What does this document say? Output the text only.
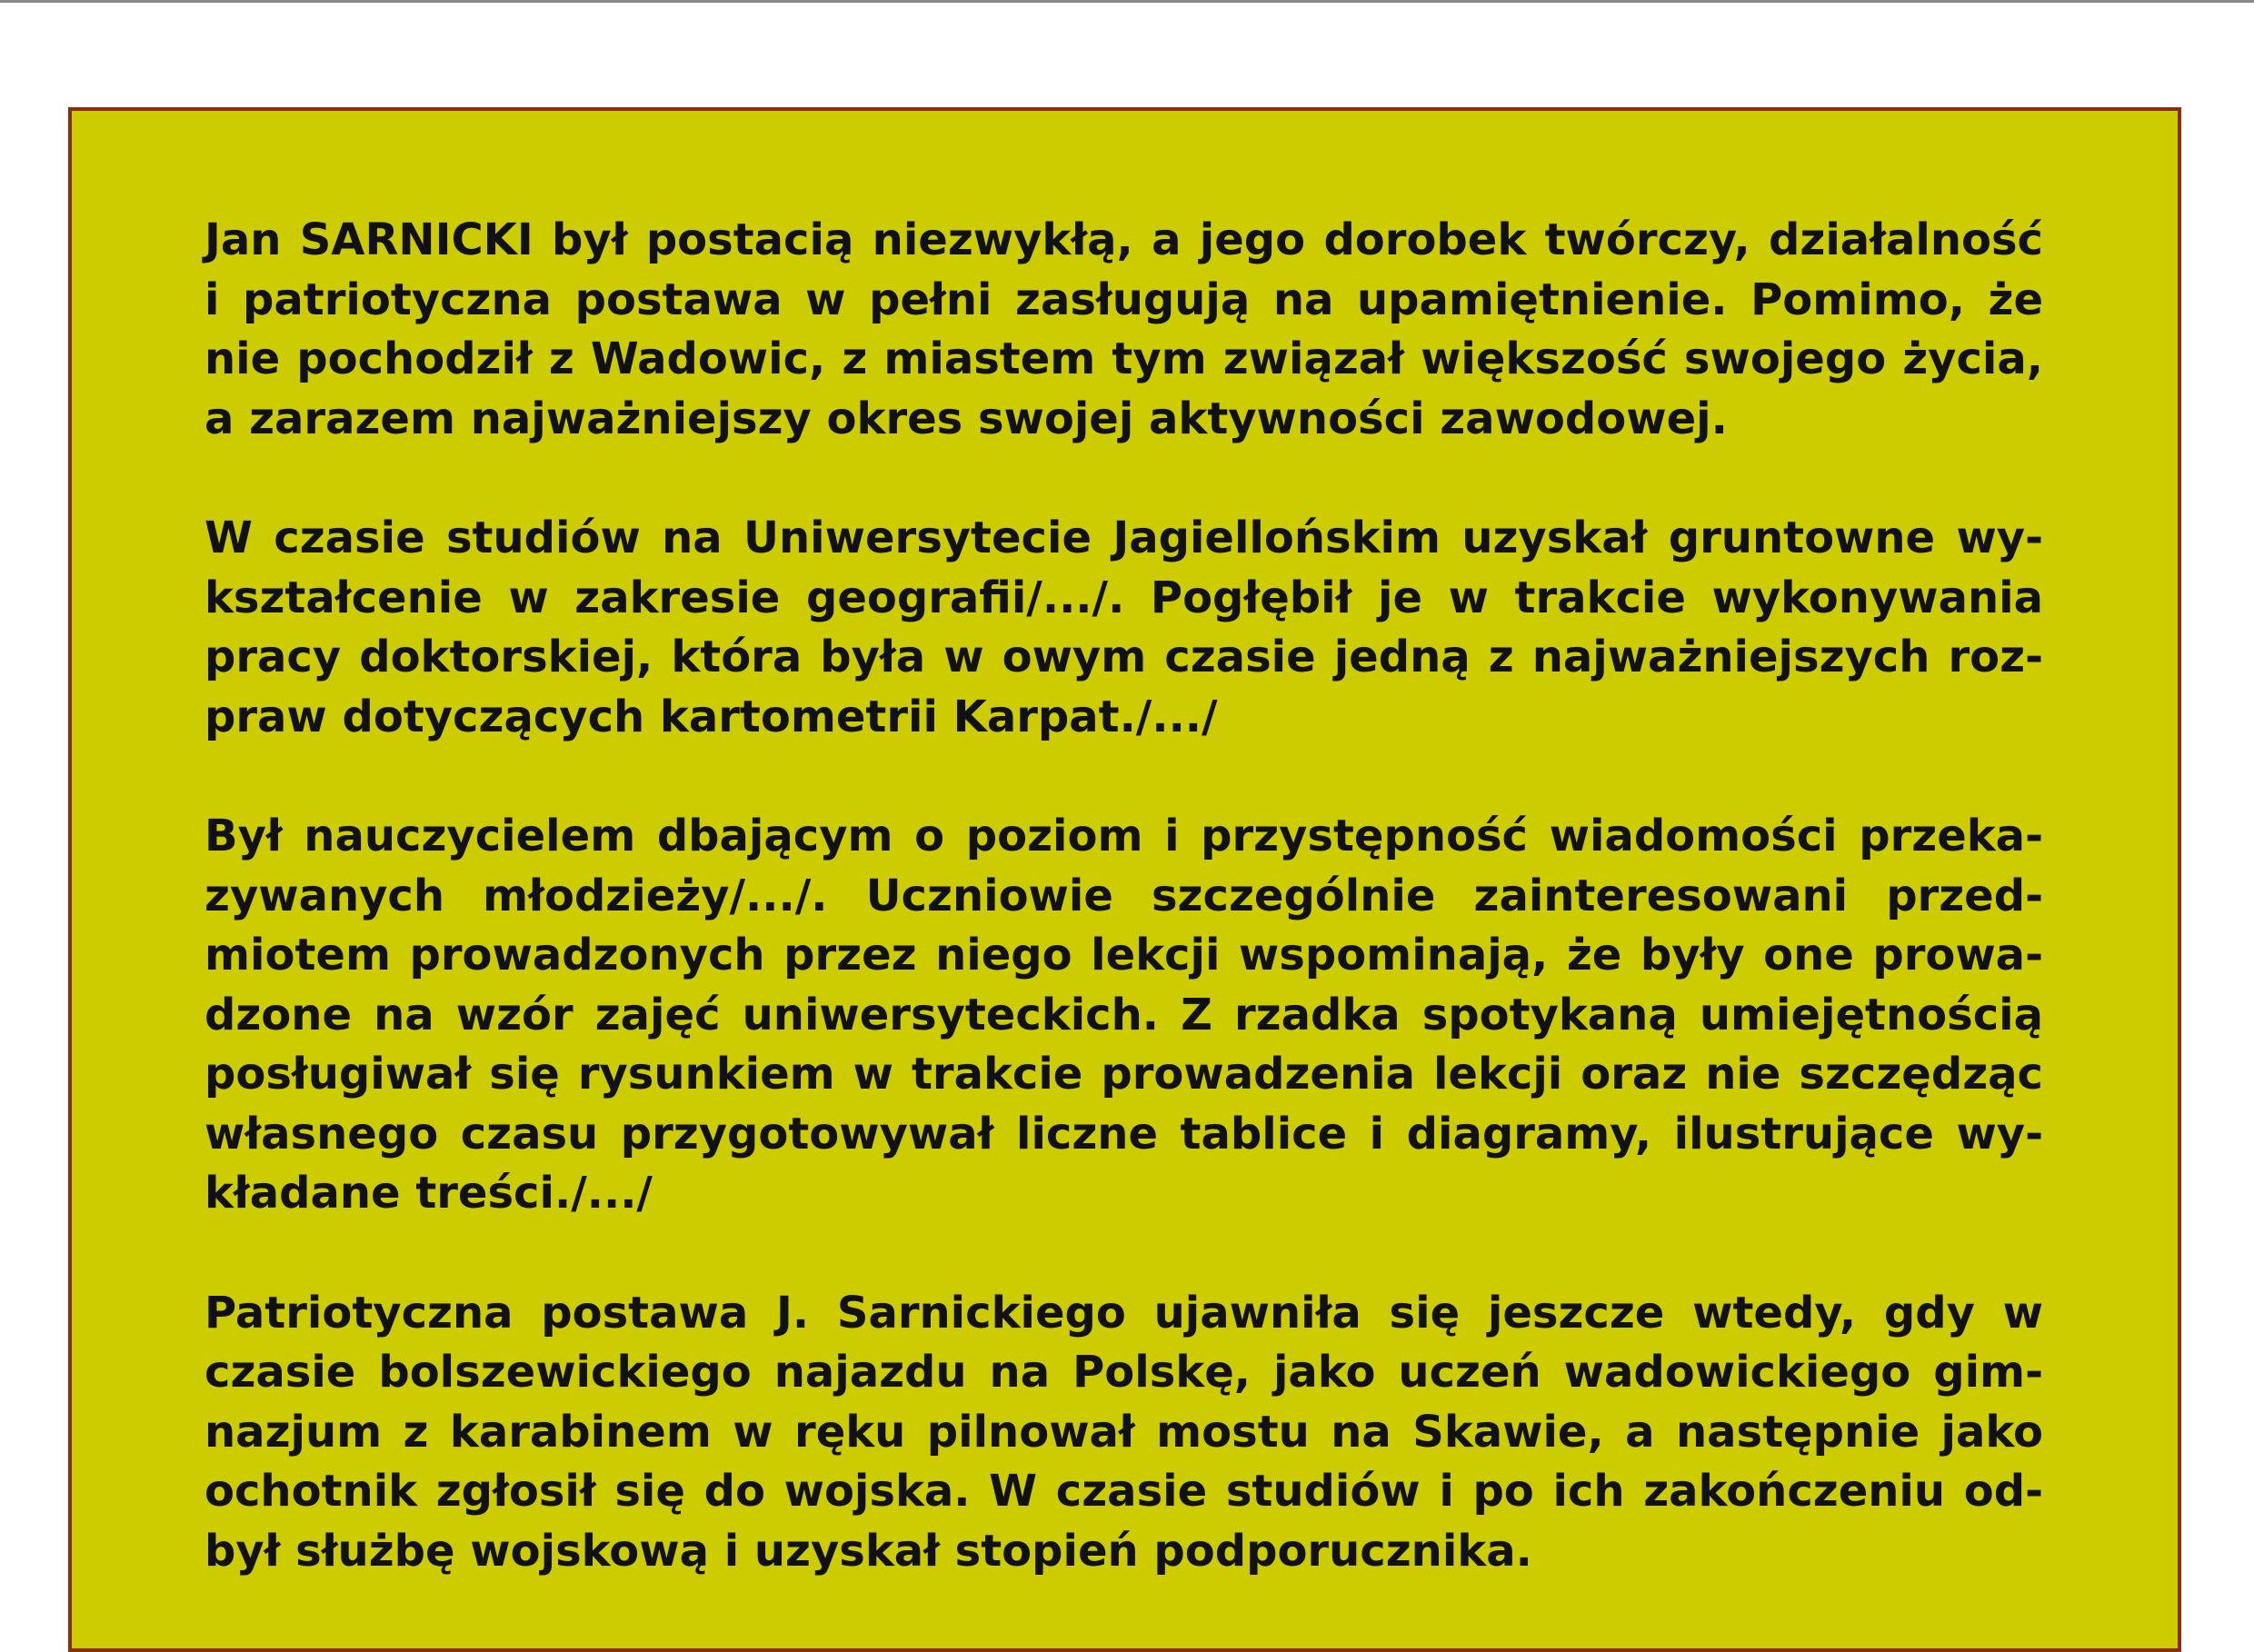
Jan SARNICKI był postacią niezwykłą, a jego dorobek twórczy, działalność i patriotyczna postawa w pełni zasługują na upamiętnienie. Pomimo, że nie pochodził z Wadowic, z miastem tym związał większość swojego życia, a zarazem najważniejszy okres swojej aktywności zawodowej.

W czasie studiów na Uniwersytecie Jagiellońskim uzyskał gruntowne wykształcenie w zakresie geografii/.../. Pogłębił je w trakcie wykonywania pracy doktorskiej, która była w owym czasie jedną z najważniejszych rozpraw dotyczących kartometrii Karpat./.../

Był nauczycielem dbającym o poziom i przystępność wiadomości przekazywanych młodzieży/.../. Uczniowie szczególnie zainteresowani przedmiotem prowadzonych przez niego lekcji wspominają, że były one prowadzone na wzór zajęć uniwersyteckich. Z rzadka spotykaną umiejętnością posługiwał się rysunkiem w trakcie prowadzenia lekcji oraz nie szczędząc własnego czasu przygotowywał liczne tablice i diagramy, ilustrujące wykładane treści./.../

Patriotyczna postawa J. Sarnickiego ujawniła się jeszcze wtedy, gdy w czasie bolszewickiego najazdu na Polskę, jako uczeń wadowickiego gimnazjum z karabinem w ręku pilnował mostu na Skawie, a następnie jako ochotnik zgłosił się do wojska. W czasie studiów i po ich zakończeniu odbył służbę wojskową i uzyskał stopień podporucznika.
